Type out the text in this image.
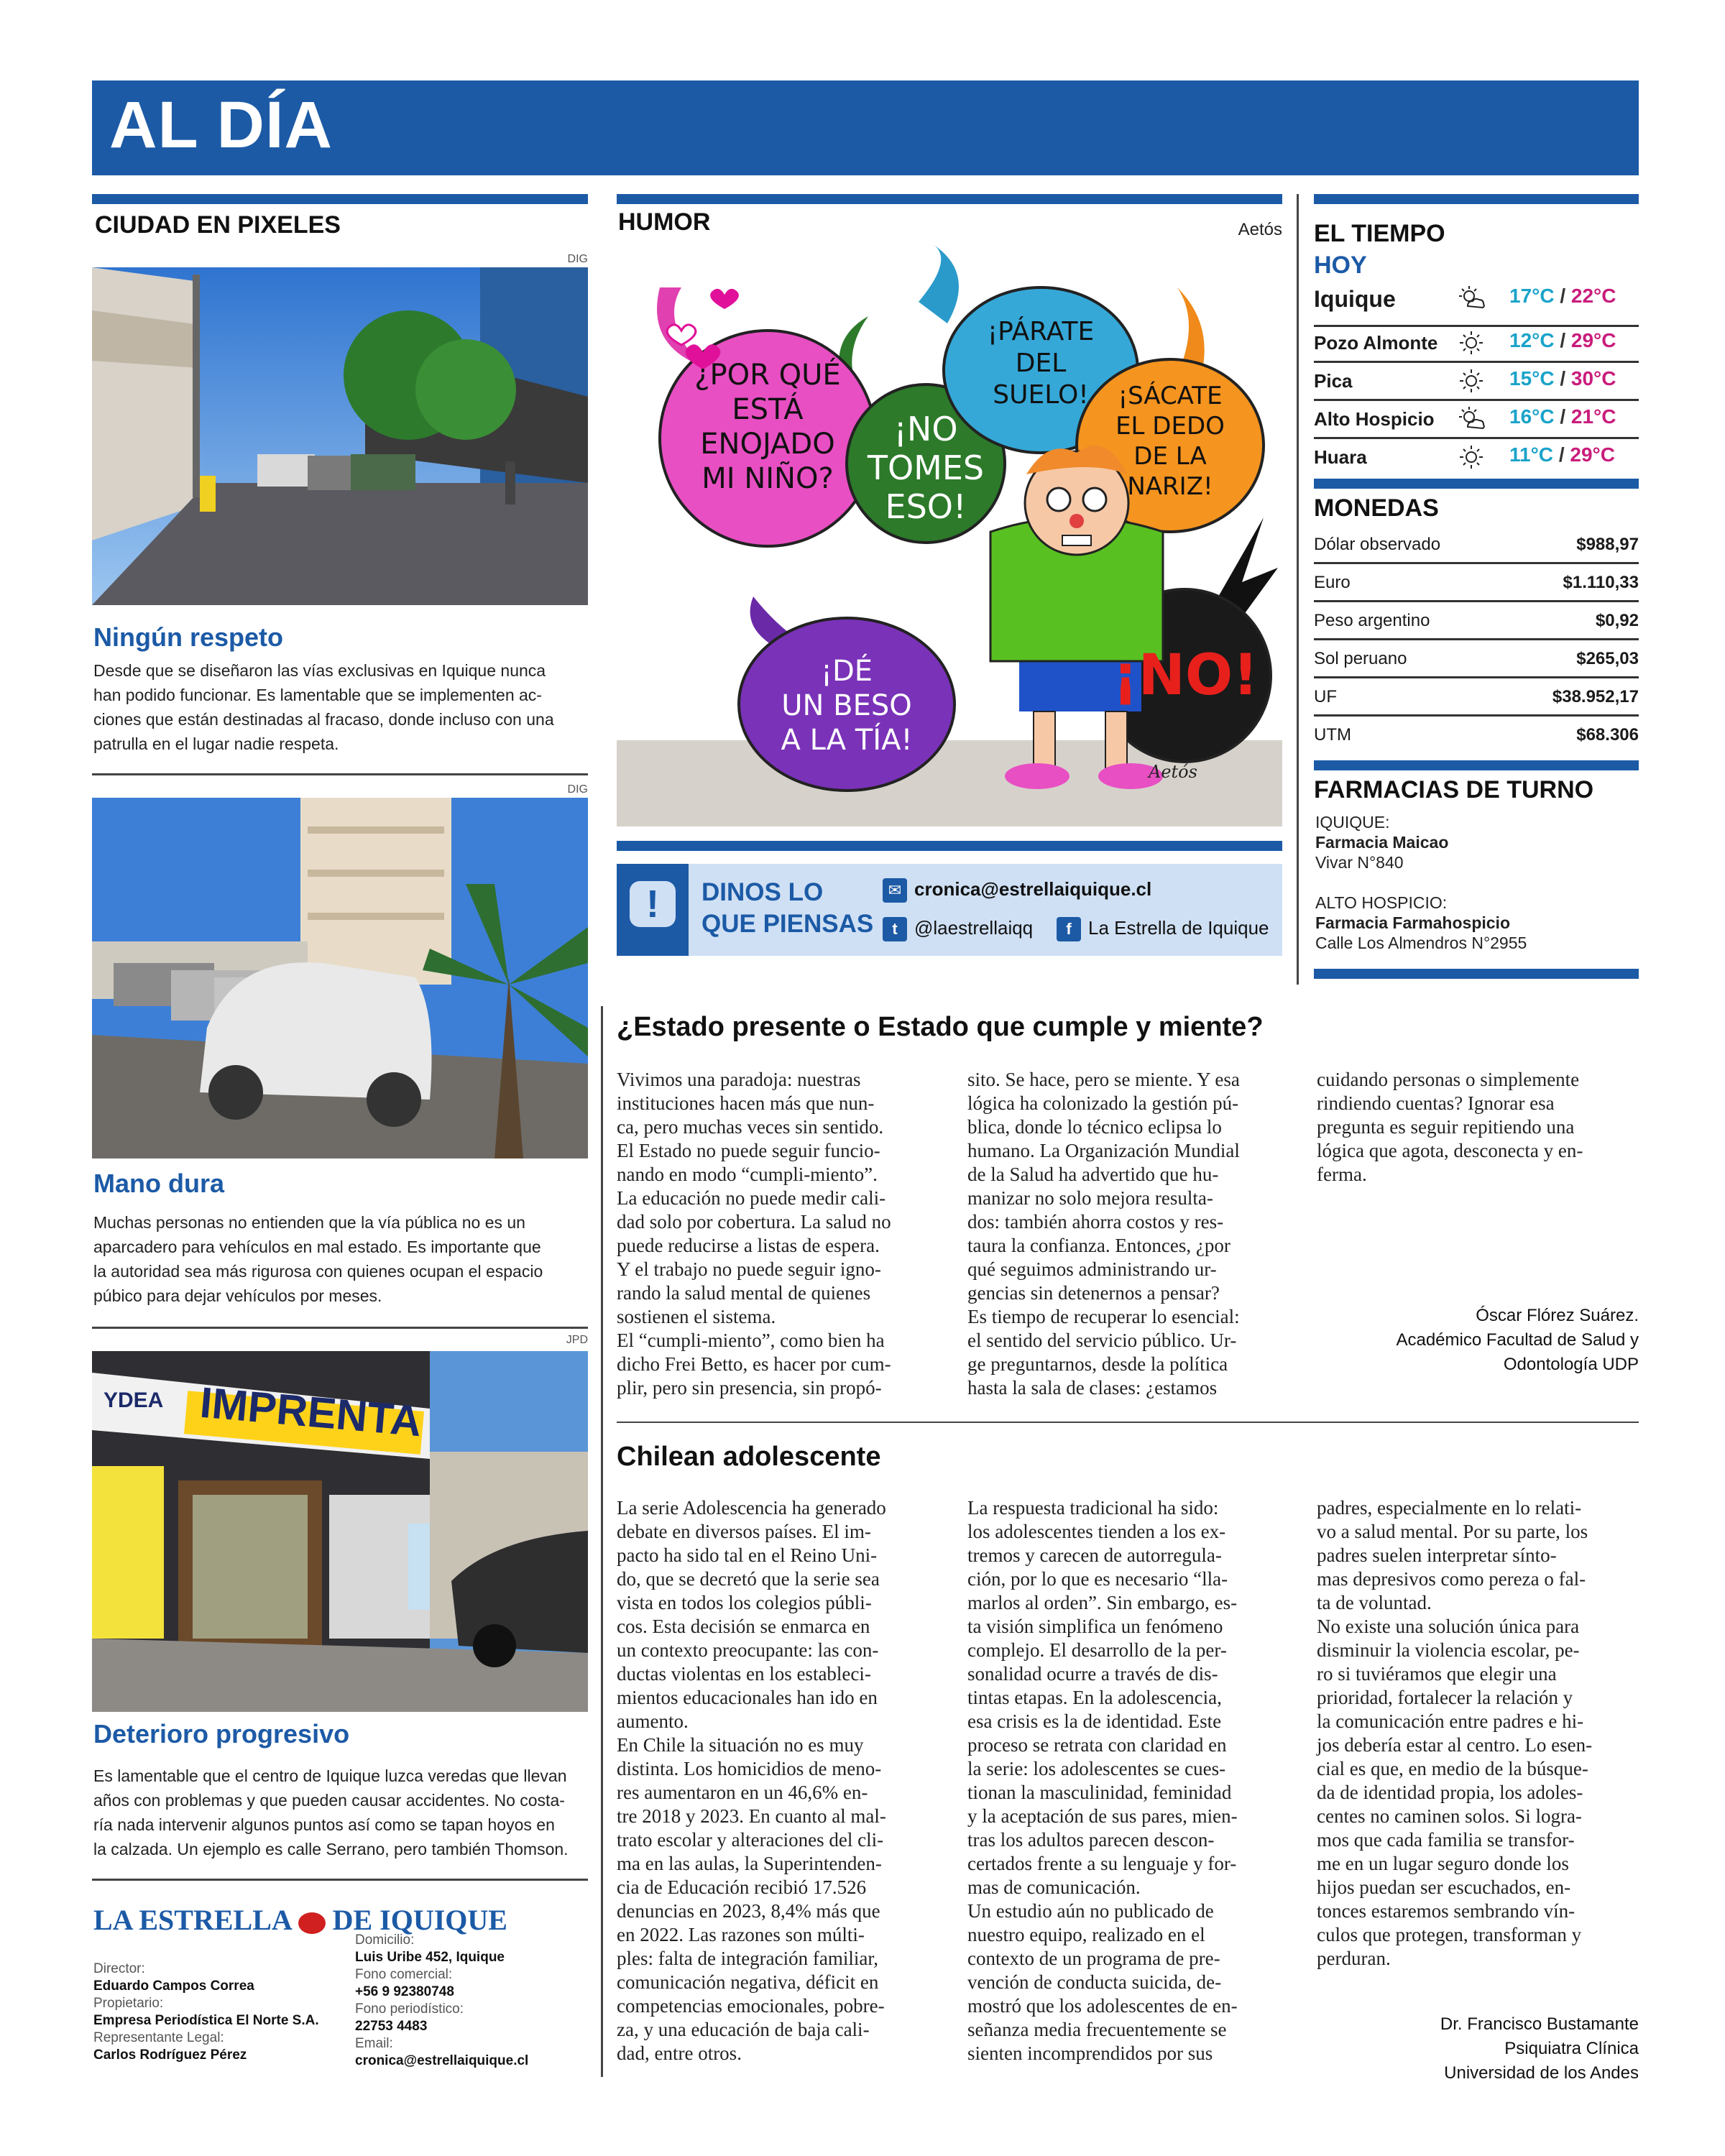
AL DÍA
CIUDAD EN PIXELES
DIG
Ningún respeto
Desde que se diseñaron las vías exclusivas en Iquique nunca
han podido funcionar. Es lamentable que se implementen ac-
ciones que están destinadas al fracaso, donde incluso con una
patrulla en el lugar nadie respeta.
DIG
Mano dura
Muchas personas no entienden que la vía pública no es un
aparcadero para vehículos en mal estado. Es importante que
la autoridad sea más rigurosa con quienes ocupan el espacio
púbico para dejar vehículos por meses.
JPD
IMPRENTA
YDEA
Deterioro progresivo
Es lamentable que el centro de Iquique luzca veredas que llevan
años con problemas y que pueden causar accidentes. No costa-
ría nada intervenir algunos puntos así como se tapan hoyos en
la calzada. Un ejemplo es calle Serrano, pero también Thomson.
LA ESTRELLA DE IQUIQUE
Director:
Eduardo Campos Correa
Propietario:
Empresa Periodística El Norte S.A.
Representante Legal:
Carlos Rodríguez Pérez
Domicilio:
Luis Uribe 452, Iquique
Fono comercial:
+56 9 92380748
Fono periodístico:
22753 4483
Email:
cronica@estrellaiquique.cl
HUMOR	Aetós
¿POR QUÉ
ESTÁ
ENOJADO
MI NIÑO?
¡NO
TOMES
ESO!
¡PÁRATE
DEL
SUELO!	¡SÁCATE
EL DEDO
DE LA
NARIZ!
¡DÉ
UN BESO
A LA TÍA!
¡NO!
Aetós
!	DINOS LO
QUE PIENSAS
✉ cronica@estrellaiquique.cl
t @laestrellaiqq	f La Estrella de Iquique
EL TIEMPO
HOY
Iquique	17°C / 22°C
Pozo Almonte	12°C / 29°C
Pica	15°C / 30°C
Alto Hospicio	16°C / 21°C
Huara	11°C / 29°C
MONEDAS
Dólar observado	$988,97
Euro	$1.110,33
Peso argentino	$0,92
Sol peruano	$265,03
UF	$38.952,17
UTM	$68.306
FARMACIAS DE TURNO
IQUIQUE:
Farmacia Maicao
Vivar N°840
ALTO HOSPICIO:
Farmacia Farmahospicio
Calle Los Almendros N°2955
¿Estado presente o Estado que cumple y miente?

Vivimos una paradoja: nuestras

instituciones hacen más que nun-

ca, pero muchas veces sin sentido.

El Estado no puede seguir funcio-

nando en modo “cumpli-miento”.

La educación no puede medir cali-

dad solo por cobertura. La salud no

puede reducirse a listas de espera.

Y el trabajo no puede seguir igno-

rando la salud mental de quienes

sostienen el sistema.

El “cumpli-miento”, como bien ha

dicho Frei Betto, es hacer por cum-

plir, pero sin presencia, sin propó-

sito. Se hace, pero se miente. Y esa

lógica ha colonizado la gestión pú-

blica, donde lo técnico eclipsa lo

humano. La Organización Mundial

de la Salud ha advertido que hu-

manizar no solo mejora resulta-

dos: también ahorra costos y res-

taura la confianza. Entonces, ¿por

qué seguimos administrando ur-

gencias sin detenernos a pensar?

Es tiempo de recuperar lo esencial:

el sentido del servicio público. Ur-

ge preguntarnos, desde la política

hasta la sala de clases: ¿estamos

cuidando personas o simplemente

rindiendo cuentas? Ignorar esa

pregunta es seguir repitiendo una

lógica que agota, desconecta y en-

ferma.

Óscar Flórez Suárez.
Académico Facultad de Salud y
Odontología UDP
Chilean adolescente

La serie Adolescencia ha generado

debate en diversos países. El im-

pacto ha sido tal en el Reino Uni-

do, que se decretó que la serie sea

vista en todos los colegios públi-

cos. Esta decisión se enmarca en

un contexto preocupante: las con-

ductas violentas en los estableci-

mientos educacionales han ido en

aumento.

En Chile la situación no es muy

distinta. Los homicidios de meno-

res aumentaron en un 46,6% en-

tre 2018 y 2023. En cuanto al mal-

trato escolar y alteraciones del cli-

ma en las aulas, la Superintenden-

cia de Educación recibió 17.526

denuncias en 2023, 8,4% más que

en 2022. Las razones son múlti-

ples: falta de integración familiar,

comunicación negativa, déficit en

competencias emocionales, pobre-

za, y una educación de baja cali-

dad, entre otros.

La respuesta tradicional ha sido:

los adolescentes tienden a los ex-

tremos y carecen de autorregula-

ción, por lo que es necesario “lla-

marlos al orden”. Sin embargo, es-

ta visión simplifica un fenómeno

complejo. El desarrollo de la per-

sonalidad ocurre a través de dis-

tintas etapas. En la adolescencia,

esa crisis es la de identidad. Este

proceso se retrata con claridad en

la serie: los adolescentes se cues-

tionan la masculinidad, feminidad

y la aceptación de sus pares, mien-

tras los adultos parecen descon-

certados frente a su lenguaje y for-

mas de comunicación.

Un estudio aún no publicado de

nuestro equipo, realizado en el

contexto de un programa de pre-

vención de conducta suicida, de-

mostró que los adolescentes de en-

señanza media frecuentemente se

sienten incomprendidos por sus

padres, especialmente en lo relati-

vo a salud mental. Por su parte, los

padres suelen interpretar sínto-

mas depresivos como pereza o fal-

ta de voluntad.

No existe una solución única para

disminuir la violencia escolar, pe-

ro si tuviéramos que elegir una

prioridad, fortalecer la relación y

la comunicación entre padres e hi-

jos debería estar al centro. Lo esen-

cial es que, en medio de la búsque-

da de identidad propia, los adoles-

centes no caminen solos. Si logra-

mos que cada familia se transfor-

me en un lugar seguro donde los

hijos puedan ser escuchados, en-

tonces estaremos sembrando vín-

culos que protegen, transforman y

perduran.

Dr. Francisco Bustamante
Psiquiatra Clínica
Universidad de los Andes
